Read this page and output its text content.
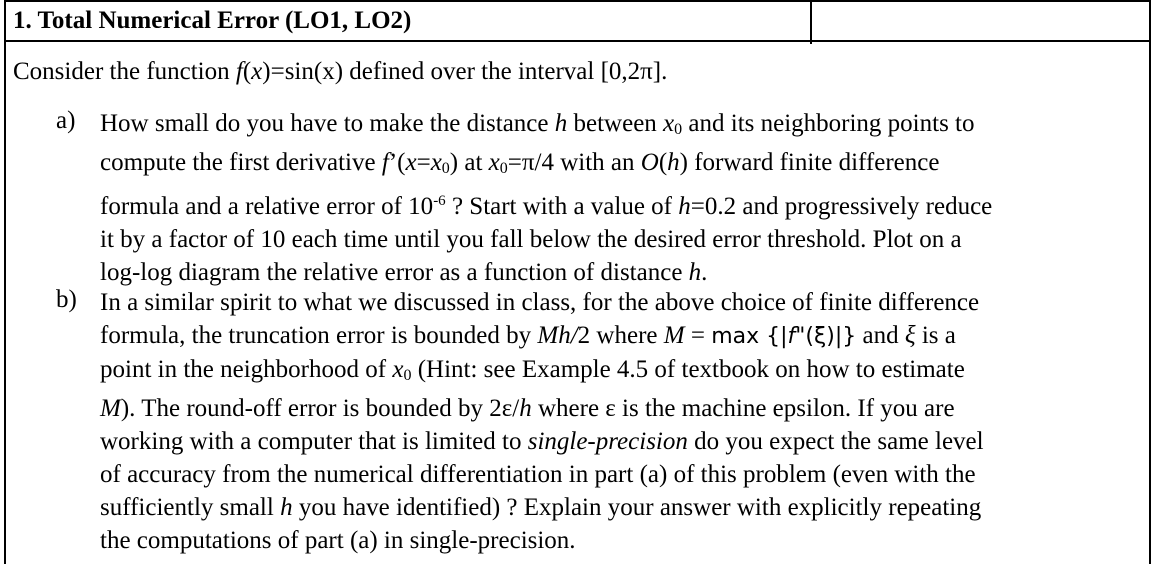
1. Total Numerical Error (LO1, LO2)
Consider the function f(x)=sin(x) defined over the interval [0,2π].
a) How small do you have to make the distance h between $x_0$ and its neighboring points to
compute the first derivative $f’(x=x_0)$ at $x_0=\pi/4$ with an O(h) forward finite difference
formula and a relative error of $10^{-6}$ ? Start with a value of h=0.2 and progressively reduce
it by a factor of 10 each time until you fall below the desired error threshold. Plot on a
log-log diagram the relative error as a function of distance h.
b) In a similar spirit to what we discussed in class, for the above choice of finite difference
formula, the truncation error is bounded by Mh/2 where M = max {|f"(ξ)|} and ξ is a
point in the neighborhood of $x_0$ (Hint: see Example 4.5 of textbook on how to estimate
M). The round-off error is bounded by 2ε/h where ε is the machine epsilon. If you are
working with a computer that is limited to single-precision do you expect the same level
of accuracy from the numerical differentiation in part (a) of this problem (even with the
sufficiently small h you have identified) ? Explain your answer with explicitly repeating
the computations of part (a) in single-precision.
